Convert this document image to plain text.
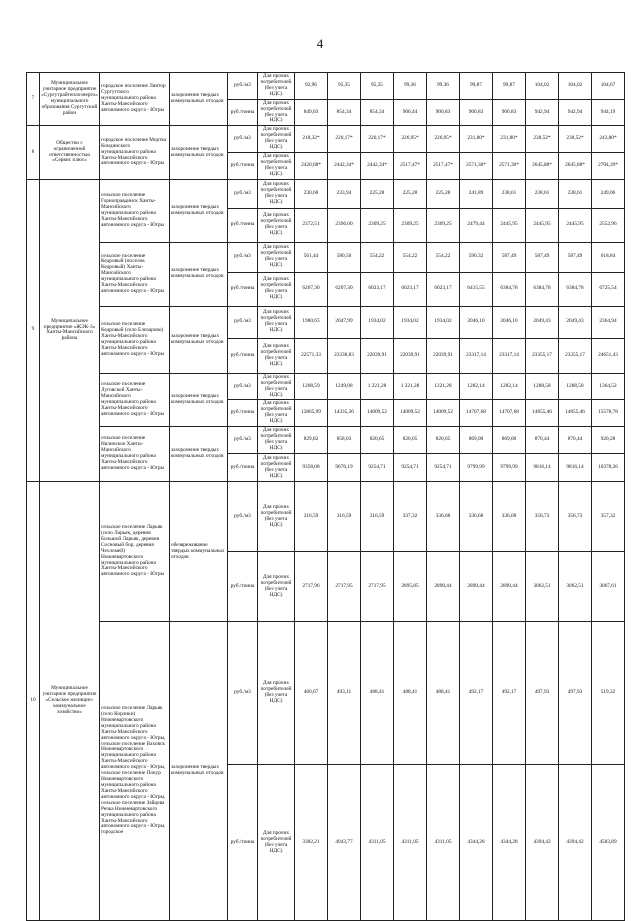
4
7	Муниципальное унитарное предприятие «Сургутрайтеплоэнерго» муниципального образования Сургутский район	городское поселение Лянтор Сургутского муниципального района Ханты-Мансийского автономного округа - Югры	захоронение твердых коммунальных отходов	руб./м3	Для прочих потребителей (без учета НДС)	92,96	95,35	95,35	99,36	99,36	99,87	99,87	104,02	104,02	104,67
				руб./тонна	Для прочих потребителей (без учета НДС)	849,03	854,34	854,34	906,44	900,83	900,83	900,83	942,94	942,94	944,19
8	Общество с ограниченной ответственностью «Сервис плюс»	городское поселение Мортка Кондинского муниципального района Ханты-Мансийского автономного округа - Югры	захоронение твердых коммунальных отходов	руб./м3	Для прочих потребителей (без учета НДС)	218,32*	220,17*	220,17*	226,95*	226,95*	231,80*	231,80*	238,52*	238,52*	243,80*
				руб./тонна	Для прочих потребителей (без учета НДС)	2420,68*	2442,34*	2442,34*	2517,47*	2517,47*	2571,30*	2571,30*	2645,88*	2645,88*	2704,39*
9	Муниципальное предприятие «ЖЭК-3» Ханты-Мансийского района	сельское поселение Горноправдинск Ханты-Мансийского муниципального района Ханты-Мансийского автономного округа - Югры	захоронение твердых коммунальных отходов	руб./м3	Для прочих потребителей (без учета НДС)	230,60	233,94	225,28	225,28	225,28	241,89	238,61	238,61	238,61	249,06
				руб./тонна	Для прочих потребителей (без учета НДС)	2372,51	2396,00	2309,25	2309,25	2309,25	2479,44	2445,95	2445,95	2445,95	2552,96
		сельское поселение Кедровый (поселок Кедровый) Ханты-Мансийского муниципального района Ханты-Мансийского автономного округа - Югры	захоронение твердых коммунальных отходов	руб./м3	Для прочих потребителей (без учета НДС)	561,44	580,50	554,22	554,22	554,22	590,32	587,49	587,49	587,49	618,84
				руб./тонна	Для прочих потребителей (без учета НДС)	6207,30	6207,30	6023,17	6023,17	6023,17	6415,55	6384,78	6384,78	6384,78	6725,54
		сельское поселение Кедровый (село Елизарово) Ханты-Мансийского муниципального района Ханты-Мансийского автономного округа - Югры	захоронение твердых коммунальных отходов	руб./м3	Для прочих потребителей (без учета НДС)	1980,65	2047,99	1934,02	1934,02	1934,02	2046,10	2046,10	2049,43	2049,43	2364,94
				руб./тонна	Для прочих потребителей (без учета НДС)	22571,33	23338,83	22039,91	22039,91	22039,91	23317,14	23317,14	23355,17	23355,17	24651,43
		сельское поселение Луговской Ханты-Мансийского муниципального района Ханты-Мансийского автономного округа - Югры	захоронение твердых коммунальных отходов	руб./м3	Для прочих потребителей (без учета НДС)	1208,59	1249,08	1 221,28	1 221,28	1221,28	1282,14	1282,14	1288,58	1288,58	1364,52
				руб./тонна	Для прочих потребителей (без учета НДС)	13865,99	14335,36	14009,52	14009,52	14009,52	14707,68	14707,68	14855,46	14855,46	15578,78
		сельское поселение Нялинское Ханты-Мансийского муниципального района Ханты-Мансийского автономного округа - Югры	захоронение твердых коммунальных отходов	руб./м3	Для прочих потребителей (без учета НДС)	829,82	858,03	820,65	820,65	820,65	869,00	869,00	870,44	870,44	920,28
				руб./тонна	Для прочих потребителей (без учета НДС)	9358,08	9676,19	9254,71	9254,71	9254,71	9799,99	9799,99	9816,14	9816,14	10378,26
10	Муниципальное унитарное предприятие «Сельское жилищно-коммунальное хозяйство»	сельское поселение Ларьяк (село Ларьяк, деревня Большой Ларьяк, деревня Сосновый бор, деревня Чехломей) Нижневартовского муниципального района Ханты-Мансийского автономного округа - Югры	обезвреживание твердых коммунальных отходов	руб./м3	Для прочих потребителей (без учета НДС)	316,59	316,59	316,59	337,32	336,68	336,68	336,68	356,73	356,73	357,32
				руб./тонна	Для прочих потребителей (без учета НДС)	2717,96	2717,95	2717,95	2895,85	2890,44	2890,44	2890,44	3062,51	3062,51	3067,61
		сельское поселение Ларьяк (село Корлики) Нижневартовского муниципального района Ханты-Мансийского автономного округа - Югры, сельское поселение Ваховск Нижневартовского муниципального района Ханты-Мансийского автономного округа - Югры, сельское поселение Покур Нижневартовского муниципального района Ханты-Мансийского автономного округа - Югры, сельское поселение Зайцева Речка Нижневартовского муниципального района Ханты-Мансийского автономного округа - Югры, городское	захоронение твердых коммунальных отходов	руб./м3	Для прочих потребителей (без учета НДС)	460,67	493,11	488,41	488,41	488,41	492,17	492,17	497,93	497,93	519,32
				руб./тонна	Для прочих потребителей (без учета НДС)	3382,21	4943,77	4311,05	4311,05	4311,05	4344,28	4344,28	4394,42	4394,42	4583,89
